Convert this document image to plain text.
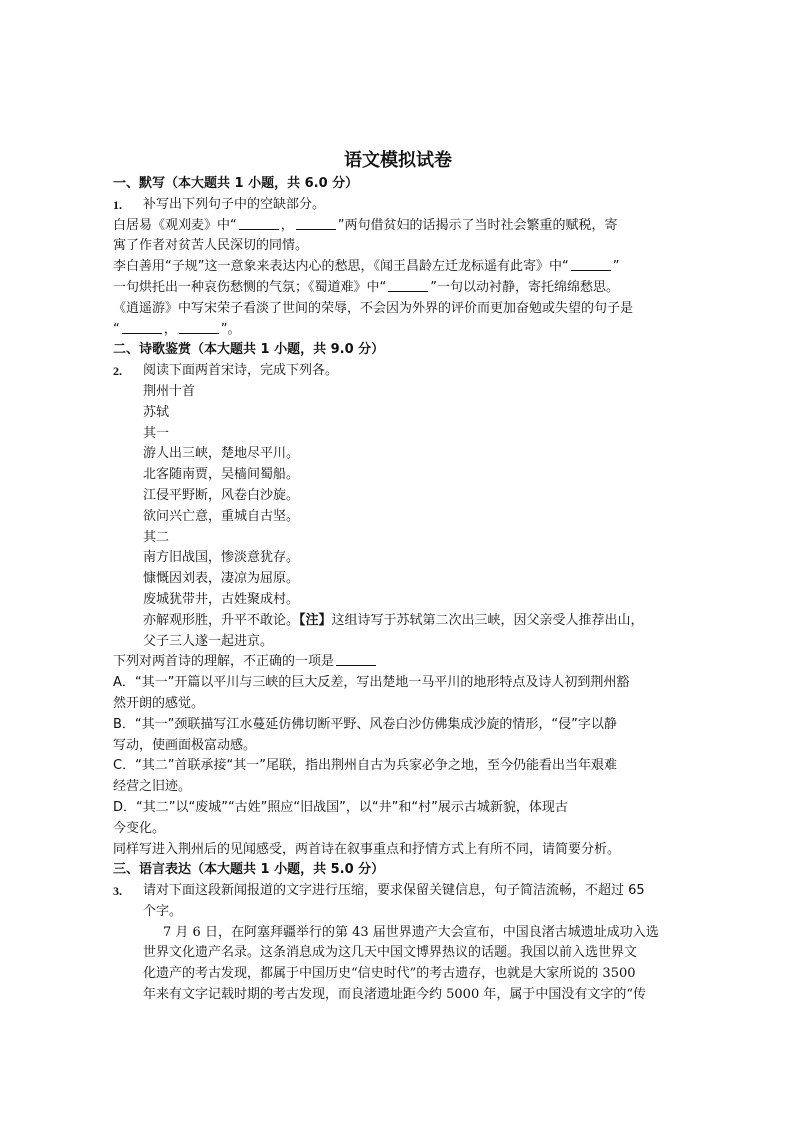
语文模拟试卷
一、默写（本大题共 1 小题，共 6.0 分）
1. 补写出下列句子中的空缺部分。
白居易《观刈麦》中“	，	”两句借贫妇的话揭示了当时社会繁重的赋税，寄
寓了作者对贫苦人民深切的同情。
李白善用“子规”这一意象来表达内心的愁思，《闻王昌龄左迁龙标遥有此寄》中“	”
一句烘托出一种哀伤愁恻的气氛；《蜀道难》中“	”一句以动衬静，寄托绵绵愁思。
《逍遥游》中写宋荣子看淡了世间的荣辱，不会因为外界的评价而更加奋勉或失望的句子是
“	，	”。
二、诗歌鉴赏（本大题共 1 小题，共 9.0 分）
2. 阅读下面两首宋诗，完成下列各。
荆州十首
苏轼
其一
游人出三峡，楚地尽平川。
北客随南贾，吴樯间蜀船。
江侵平野断，风卷白沙旋。
欲问兴亡意，重城自古坚。
其二
南方旧战国，惨淡意犹存。
慷慨因刘表，凄凉为屈原。
废城犹带井，古姓聚成村。
亦解观形胜，升平不敢论。【注】这组诗写于苏轼第二次出三峡，因父亲受人推荐出山，
父子三人遂一起进京。
下列对两首诗的理解，不正确的一项是
A．“其一”开篇以平川与三峡的巨大反差，写出楚地一马平川的地形特点及诗人初到荆州豁
然开朗的感觉。
B．“其一”颈联描写江水蔓延仿佛切断平野、风卷白沙仿佛集成沙旋的情形，“侵”字以静
写动，使画面极富动感。
C．“其二”首联承接“其一”尾联，指出荆州自古为兵家必争之地，至今仍能看出当年艰难
经营之旧迹。
D．“其二”以“废城”“古姓”照应“旧战国”，以“井”和“村”展示古城新貌，体现古
今变化。
同样写进入荆州后的见闻感受，两首诗在叙事重点和抒情方式上有所不同，请简要分析。
三、语言表达（本大题共 1 小题，共 5.0 分）
3. 请对下面这段新闻报道的文字进行压缩，要求保留关键信息，句子简洁流畅，不超过 65
个字。
7 月 6 日，在阿塞拜疆举行的第 43 届世界遗产大会宣布，中国良渚古城遗址成功入选
世界文化遗产名录。这条消息成为这几天中国文博界热议的话题。我国以前入选世界文
化遗产的考古发现，都属于中国历史“信史时代”的考古遗存，也就是大家所说的 3500
年来有文字记载时期的考古发现，而良渚遗址距今约 5000 年，属于中国没有文字的“传
